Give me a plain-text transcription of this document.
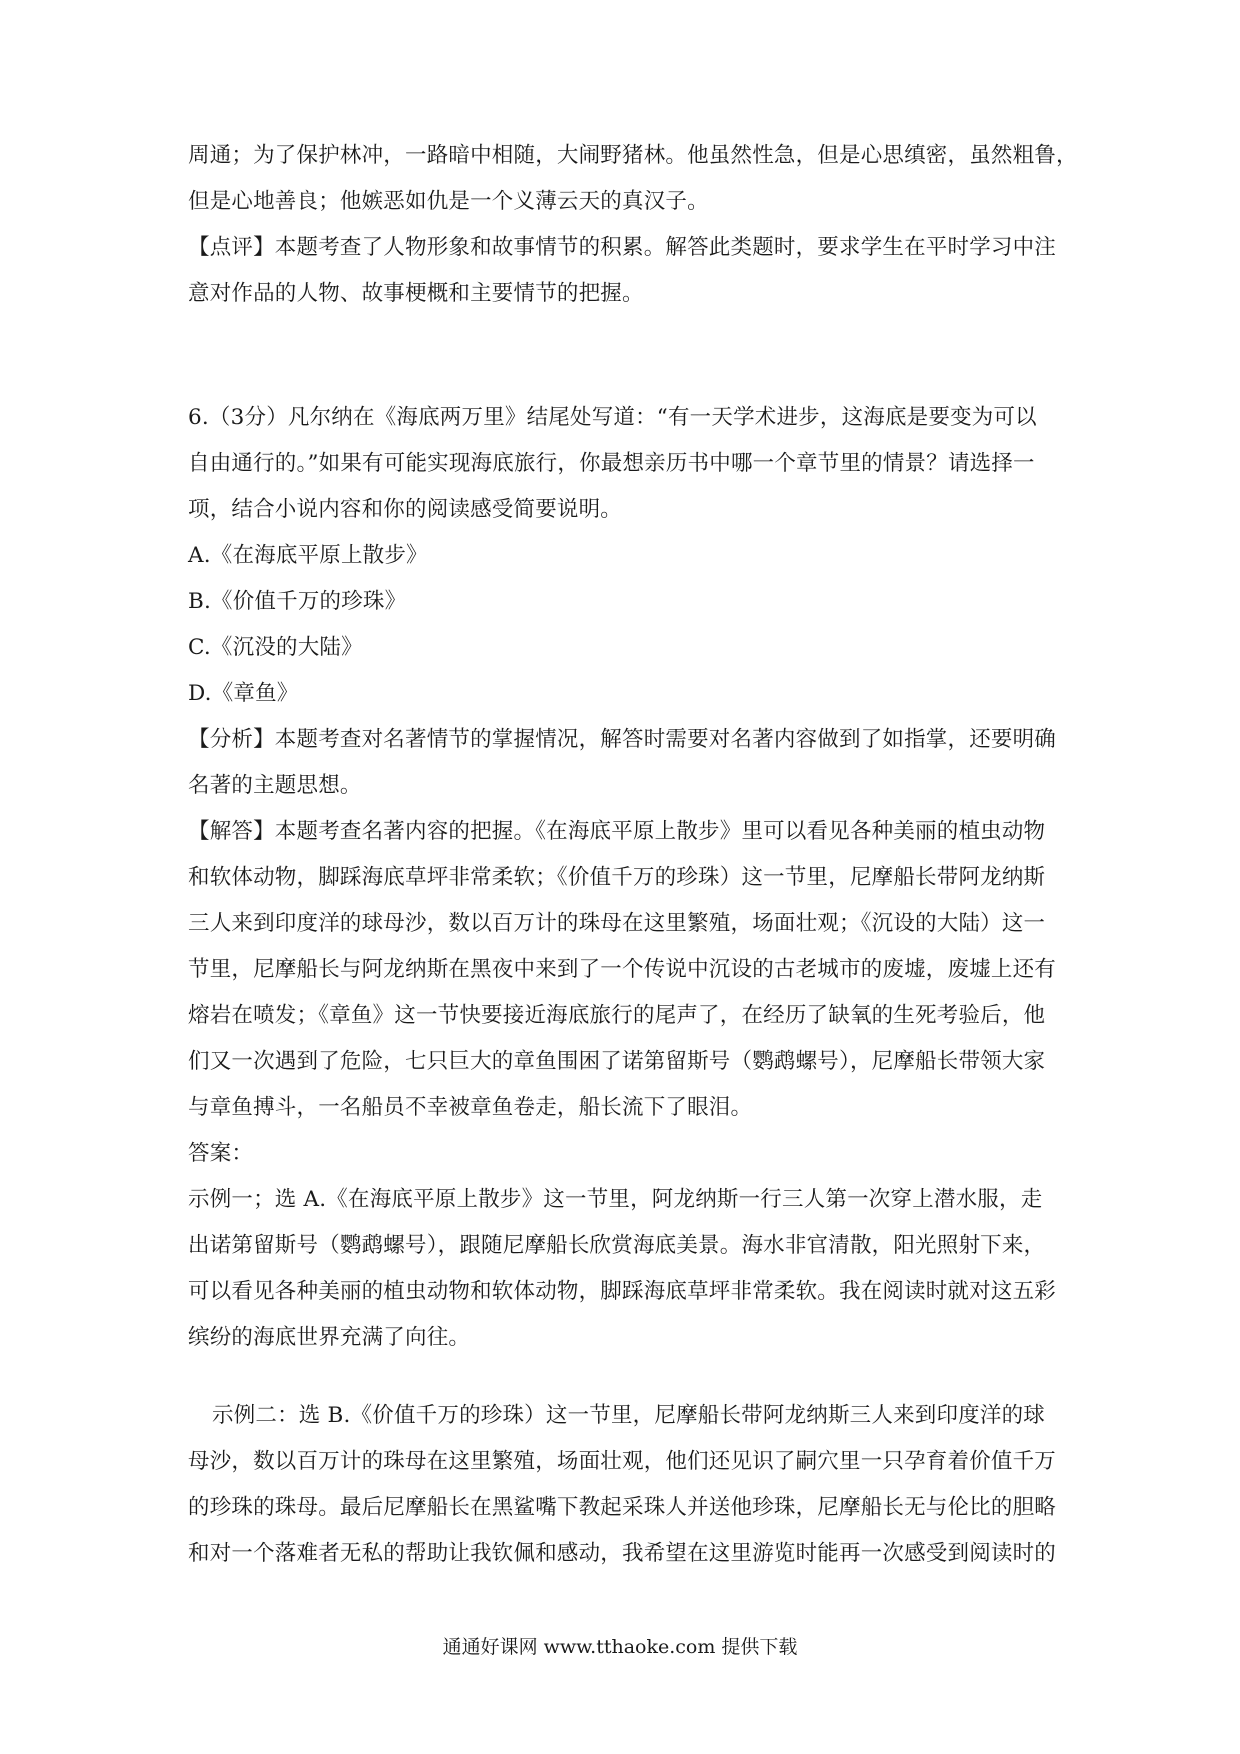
周通；为了保护林冲，一路暗中相随，大闹野猪林。他虽然性急，但是心思缜密，虽然粗鲁，
但是心地善良；他嫉恶如仇是一个义薄云天的真汉子。
【点评】本题考查了人物形象和故事情节的积累。解答此类题时，要求学生在平时学习中注
意对作品的人物、故事梗概和主要情节的把握。
6.（3分）凡尔纳在《海底两万里》结尾处写道：“有一天学术进步，这海底是要变为可以
自由通行的。”如果有可能实现海底旅行，你最想亲历书中哪一个章节里的情景？请选择一
项，结合小说内容和你的阅读感受简要说明。
A.《在海底平原上散步》
B.《价值千万的珍珠》
C.《沉没的大陆》
D.《章鱼》
【分析】本题考查对名著情节的掌握情况，解答时需要对名著内容做到了如指掌，还要明确
名著的主题思想。
【解答】本题考查名著内容的把握。《在海底平原上散步》里可以看见各种美丽的植虫动物
和软体动物，脚踩海底草坪非常柔软；《价值千万的珍珠）这一节里，尼摩船长带阿龙纳斯
三人来到印度洋的球母沙，数以百万计的珠母在这里繁殖，场面壮观；《沉设的大陆）这一
节里，尼摩船长与阿龙纳斯在黑夜中来到了一个传说中沉设的古老城市的废墟，废墟上还有
熔岩在喷发；《章鱼》这一节快要接近海底旅行的尾声了，在经历了缺氧的生死考验后，他
们又一次遇到了危险，七只巨大的章鱼围困了诺第留斯号（鹦鹉螺号），尼摩船长带领大家
与章鱼搏斗，一名船员不幸被章鱼卷走，船长流下了眼泪。
答案：
示例一；选 A.《在海底平原上散步》这一节里，阿龙纳斯一行三人第一次穿上潜水服，走
出诺第留斯号（鹦鹉螺号），跟随尼摩船长欣赏海底美景。海水非官清散，阳光照射下来，
可以看见各种美丽的植虫动物和软体动物，脚踩海底草坪非常柔软。我在阅读时就对这五彩
缤纷的海底世界充满了向往。
示例二：选 B.《价值千万的珍珠）这一节里，尼摩船长带阿龙纳斯三人来到印度洋的球
母沙，数以百万计的珠母在这里繁殖，场面壮观，他们还见识了嗣穴里一只孕育着价值千万
的珍珠的珠母。最后尼摩船长在黑鲨嘴下教起采珠人并送他珍珠，尼摩船长无与伦比的胆略
和对一个落难者无私的帮助让我钦佩和感动，我希望在这里游览时能再一次感受到阅读时的
通通好课网 www.tthaoke.com 提供下载
